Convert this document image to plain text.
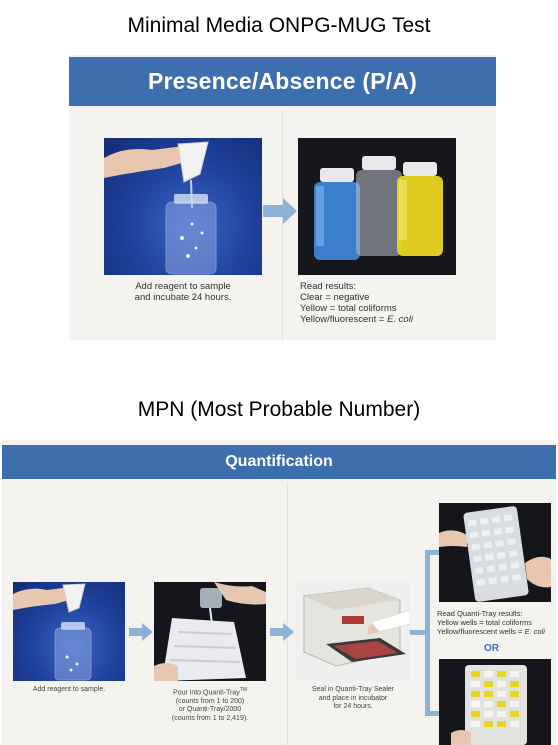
Minimal Media ONPG-MUG Test
Presence/Absence (P/A)
Add reagent to sample
and incubate 24 hours.
Read results:
Clear = negative
Yellow = total coliforms
Yellow/fluorescent = E. coli
MPN (Most Probable Number)
Quantification
Read Quanti-Tray results:
Yellow wells = total coliforms
Yellow/fluorescent wells = E. coli
OR
Add reagent to sample.	Pour into Quanti-Tray™
(counts from 1 to 200)
or Quanti-Tray/2000
(counts from 1 to 2,419).
Seal in Quanti-Tray Sealer
and place in incubator
for 24 hours.
